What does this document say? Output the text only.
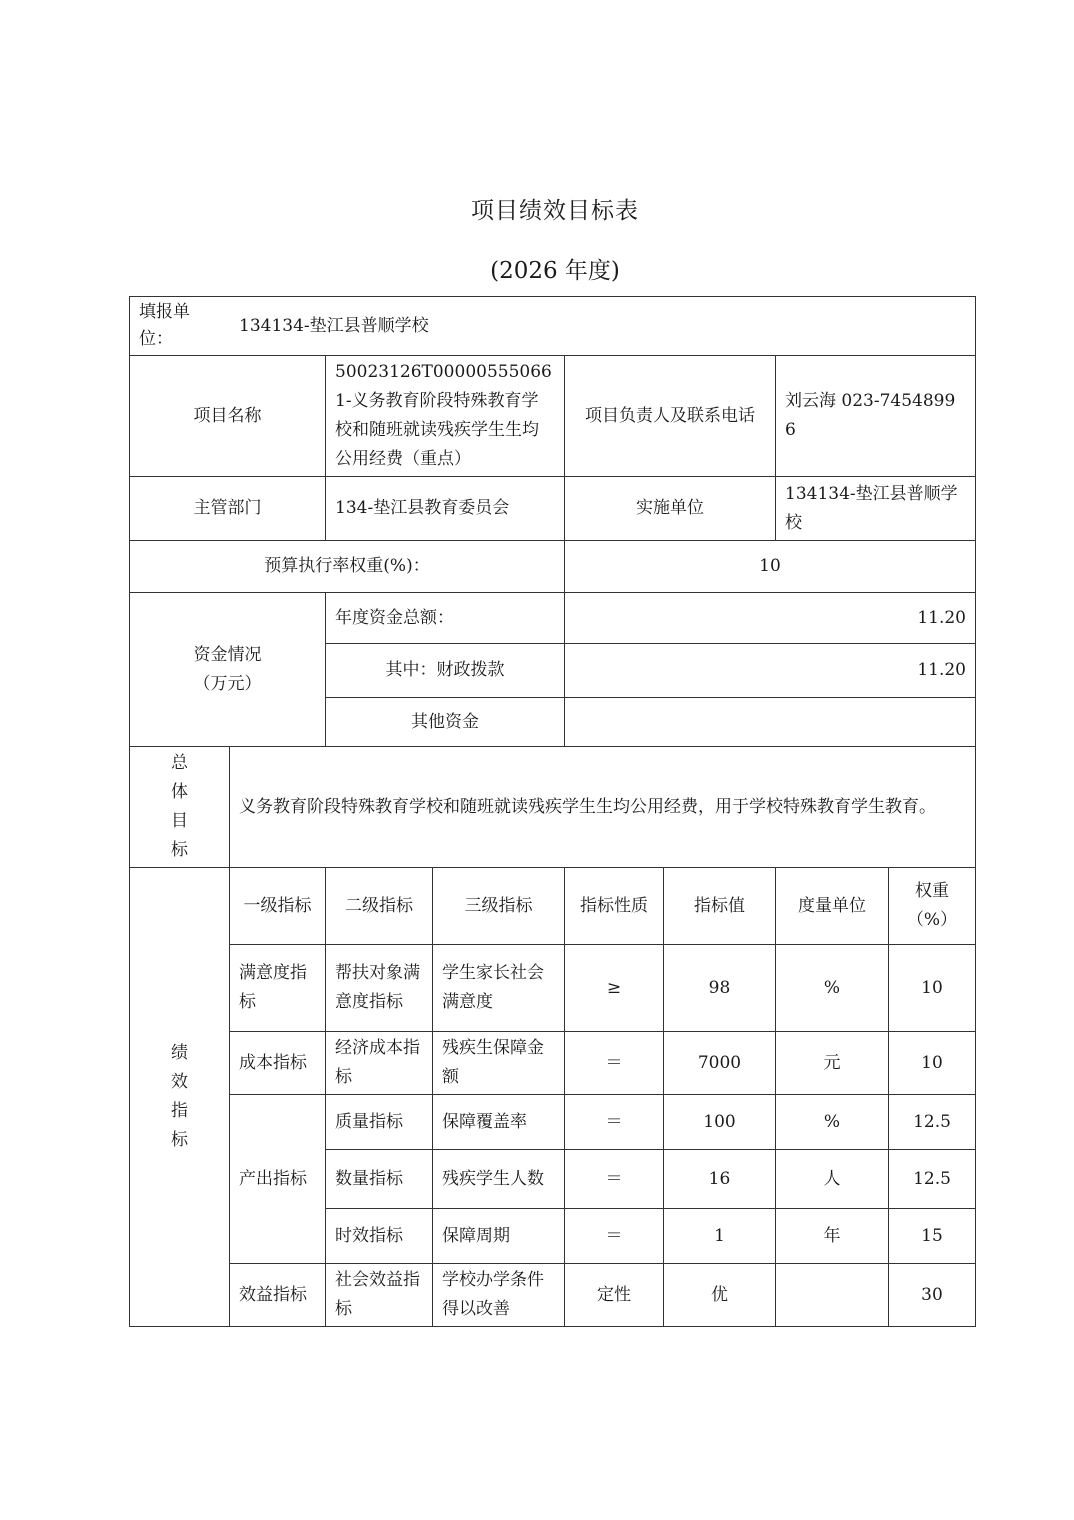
项目绩效目标表
(2026 年度)
填报单位：
134134-垫江县普顺学校							

项目名称		50023126T000005550661-义务教育阶段特殊教育学校和随班就读残疾学生生均公用经费（重点）		项目负责人及联系电话		刘云海 023-74548996	
主管部门		134-垫江县教育委员会		实施单位		134134-垫江县普顺学校	
预算执行率权重(%)：				10			

资金情况
（万元）		年度资金总额：		11.20			
		其中：财政拨款		11.20			
		其他资金					

总
体
目
标	义务教育阶段特殊教育学校和随班就读残疾学生生均公用经费，用于学校特殊教育学生教育。						

绩
效
指
标	一级指标	二级指标	三级指标	指标性质	指标值	度量单位	权重（%）
	满意度指标	帮扶对象满意度指标	学生家长社会满意度	≥	98	%	10
	成本指标	经济成本指标	残疾生保障金额	＝	7000	元	10
	产出指标	质量指标	保障覆盖率	＝	100	%	12.5
		数量指标	残疾学生人数	＝	16	人	12.5
		时效指标	保障周期	＝	1	年	15
	效益指标	社会效益指标	学校办学条件得以改善	定性	优		30
